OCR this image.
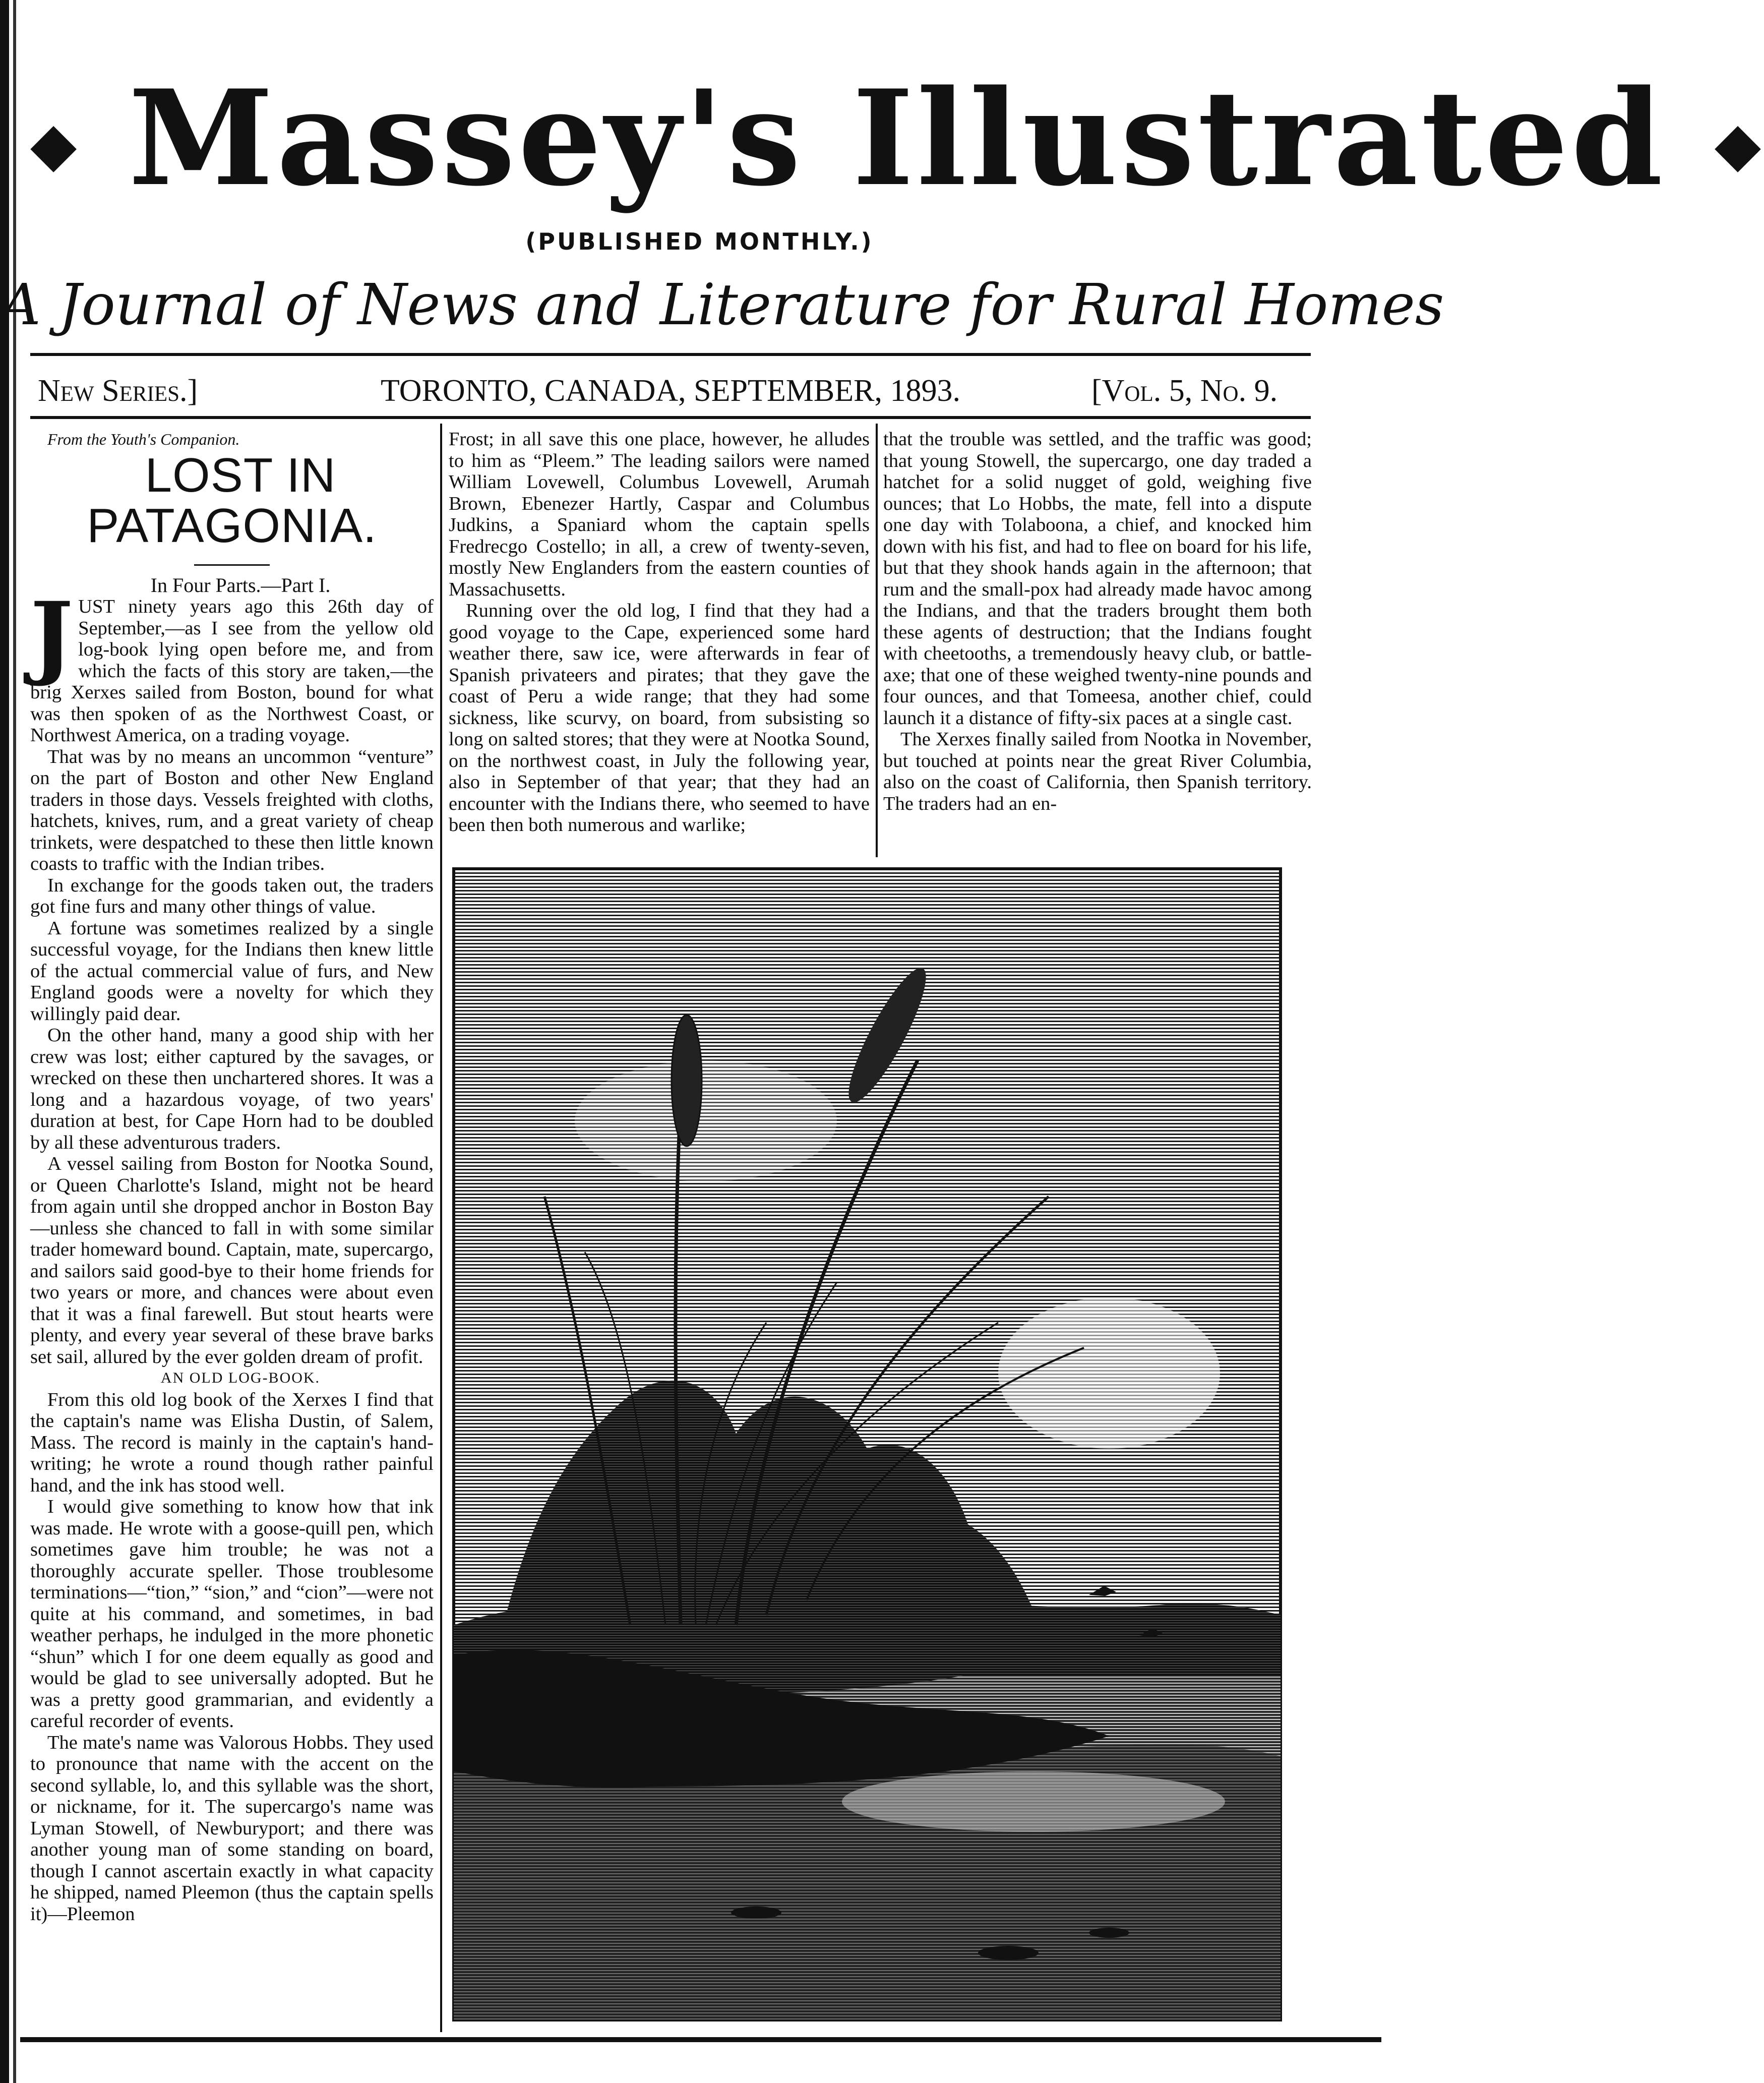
◆ Massey's Illustrated ◆
(PUBLISHED MONTHLY.)
A Journal of News and Literature for Rural Homes
New Series.]	TORONTO, CANADA, SEPTEMBER, 1893.	[Vol. 5, No. 9.

From the Youth's Companion.

LOST IN PATAGONIA.

In Four Parts.—Part I.

JUST ninety years ago this 26th day of September,—as I see from the yellow old log-book lying open before me, and from which the facts of this story are taken,—the brig Xerxes sailed from Boston, bound for what was then spoken of as the Northwest Coast, or Northwest America, on a trading voyage.

That was by no means an uncommon “venture” on the part of Boston and other New England traders in those days. Vessels freighted with cloths, hatchets, knives, rum, and a great variety of cheap trinkets, were despatched to these then little known coasts to traffic with the Indian tribes.

In exchange for the goods taken out, the traders got fine furs and many other things of value.

A fortune was sometimes realized by a single successful voyage, for the Indians then knew little of the actual commercial value of furs, and New England goods were a novelty for which they willingly paid dear.

On the other hand, many a good ship with her crew was lost; either captured by the savages, or wrecked on these then unchartered shores. It was a long and a hazardous voyage, of two years' duration at best, for Cape Horn had to be doubled by all these adventurous traders.

A vessel sailing from Boston for Nootka Sound, or Queen Charlotte's Island, might not be heard from again until she dropped anchor in Boston Bay—unless she chanced to fall in with some similar trader homeward bound. Captain, mate, supercargo, and sailors said good-bye to their home friends for two years or more, and chances were about even that it was a final farewell. But stout hearts were plenty, and every year several of these brave barks set sail, allured by the ever golden dream of profit.

AN OLD LOG-BOOK.

From this old log book of the Xerxes I find that the captain's name was Elisha Dustin, of Salem, Mass. The record is mainly in the captain's hand-writing; he wrote a round though rather painful hand, and the ink has stood well.

I would give something to know how that ink was made. He wrote with a goose-quill pen, which sometimes gave him trouble; he was not a thoroughly accurate speller. Those troublesome terminations—“tion,” “sion,” and “cion”—were not quite at his command, and sometimes, in bad weather perhaps, he indulged in the more phonetic “shun” which I for one deem equally as good and would be glad to see universally adopted. But he was a pretty good grammarian, and evidently a careful recorder of events.

The mate's name was Valorous Hobbs. They used to pronounce that name with the accent on the second syllable, lo, and this syllable was the short, or nickname, for it. The supercargo's name was Lyman Stowell, of Newburyport; and there was another young man of some standing on board, though I cannot ascertain exactly in what capacity he shipped, named Pleemon (thus the captain spells it)—Pleemon

Frost; in all save this one place, however, he alludes to him as “Pleem.” The leading sailors were named William Lovewell, Columbus Lovewell, Arumah Brown, Ebenezer Hartly, Caspar and Columbus Judkins, a Spaniard whom the captain spells Fredrecgo Costello; in all, a crew of twenty-seven, mostly New Englanders from the eastern counties of Massachusetts.

Running over the old log, I find that they had a good voyage to the Cape, experienced some hard weather there, saw ice, were afterwards in fear of Spanish privateers and pirates; that they gave the coast of Peru a wide range; that they had some sickness, like scurvy, on board, from subsisting so long on salted stores; that they were at Nootka Sound, on the northwest coast, in July the following year, also in September of that year; that they had an encounter with the Indians there, who seemed to have been then both numerous and warlike;

that the trouble was settled, and the traffic was good; that young Stowell, the supercargo, one day traded a hatchet for a solid nugget of gold, weighing five ounces; that Lo Hobbs, the mate, fell into a dispute one day with Tolaboona, a chief, and knocked him down with his fist, and had to flee on board for his life, but that they shook hands again in the afternoon; that rum and the small-pox had already made havoc among the Indians, and that the traders brought them both these agents of destruction; that the Indians fought with cheetooths, a tremendously heavy club, or battle-axe; that one of these weighed twenty-nine pounds and four ounces, and that Tomeesa, another chief, could launch it a distance of fifty-six paces at a single cast.

The Xerxes finally sailed from Nootka in November, but touched at points near the great River Columbia, also on the coast of California, then Spanish territory. The traders had an en-
